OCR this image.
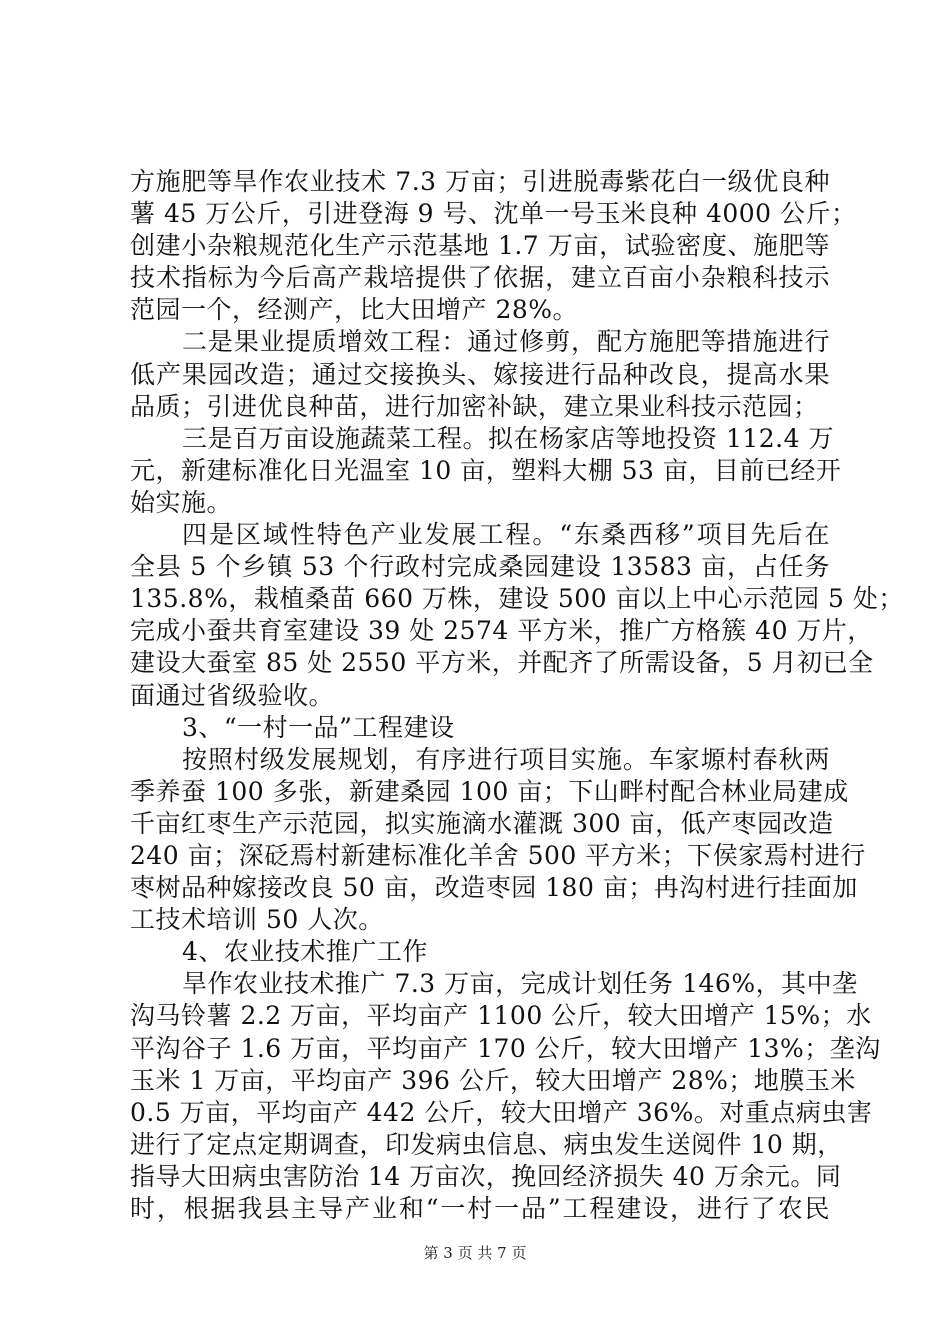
方施肥等旱作农业技术 7.3 万亩；引进脱毒紫花白一级优良种
薯 45 万公斤，引进登海 9 号、沈单一号玉米良种 4000 公斤；
创建小杂粮规范化生产示范基地 1.7 万亩，试验密度、施肥等
技术指标为今后高产栽培提供了依据，建立百亩小杂粮科技示
范园一个，经测产，比大田增产 28%。
二是果业提质增效工程：通过修剪，配方施肥等措施进行
低产果园改造；通过交接换头、嫁接进行品种改良，提高水果
品质；引进优良种苗，进行加密补缺，建立果业科技示范园；
三是百万亩设施蔬菜工程。拟在杨家店等地投资 112.4 万
元，新建标准化日光温室 10 亩，塑料大棚 53 亩，目前已经开
始实施。
四是区域性特色产业发展工程。“东桑西移”项目先后在
全县 5 个乡镇 53 个行政村完成桑园建设 13583 亩，占任务
135.8%，栽植桑苗 660 万株，建设 500 亩以上中心示范园 5 处；
完成小蚕共育室建设 39 处 2574 平方米，推广方格簇 40 万片，
建设大蚕室 85 处 2550 平方米，并配齐了所需设备，5 月初已全
面通过省级验收。
3、“一村一品”工程建设
按照村级发展规划，有序进行项目实施。车家塬村春秋两
季养蚕 100 多张，新建桑园 100 亩；下山畔村配合林业局建成
千亩红枣生产示范园，拟实施滴水灌溉 300 亩，低产枣园改造
240 亩；深砭焉村新建标准化羊舍 500 平方米；下侯家焉村进行
枣树品种嫁接改良 50 亩，改造枣园 180 亩；冉沟村进行挂面加
工技术培训 50 人次。
4、农业技术推广工作
旱作农业技术推广 7.3 万亩，完成计划任务 146%，其中垄
沟马铃薯 2.2 万亩，平均亩产 1100 公斤，较大田增产 15%；水
平沟谷子 1.6 万亩，平均亩产 170 公斤，较大田增产 13%；垄沟
玉米 1 万亩，平均亩产 396 公斤，较大田增产 28%；地膜玉米
0.5 万亩，平均亩产 442 公斤，较大田增产 36%。对重点病虫害
进行了定点定期调查，印发病虫信息、病虫发生送阅件 10 期，
指导大田病虫害防治 14 万亩次，挽回经济损失 40 万余元。同
时，根据我县主导产业和“一村一品”工程建设，进行了农民
第 3 页 共 7 页
